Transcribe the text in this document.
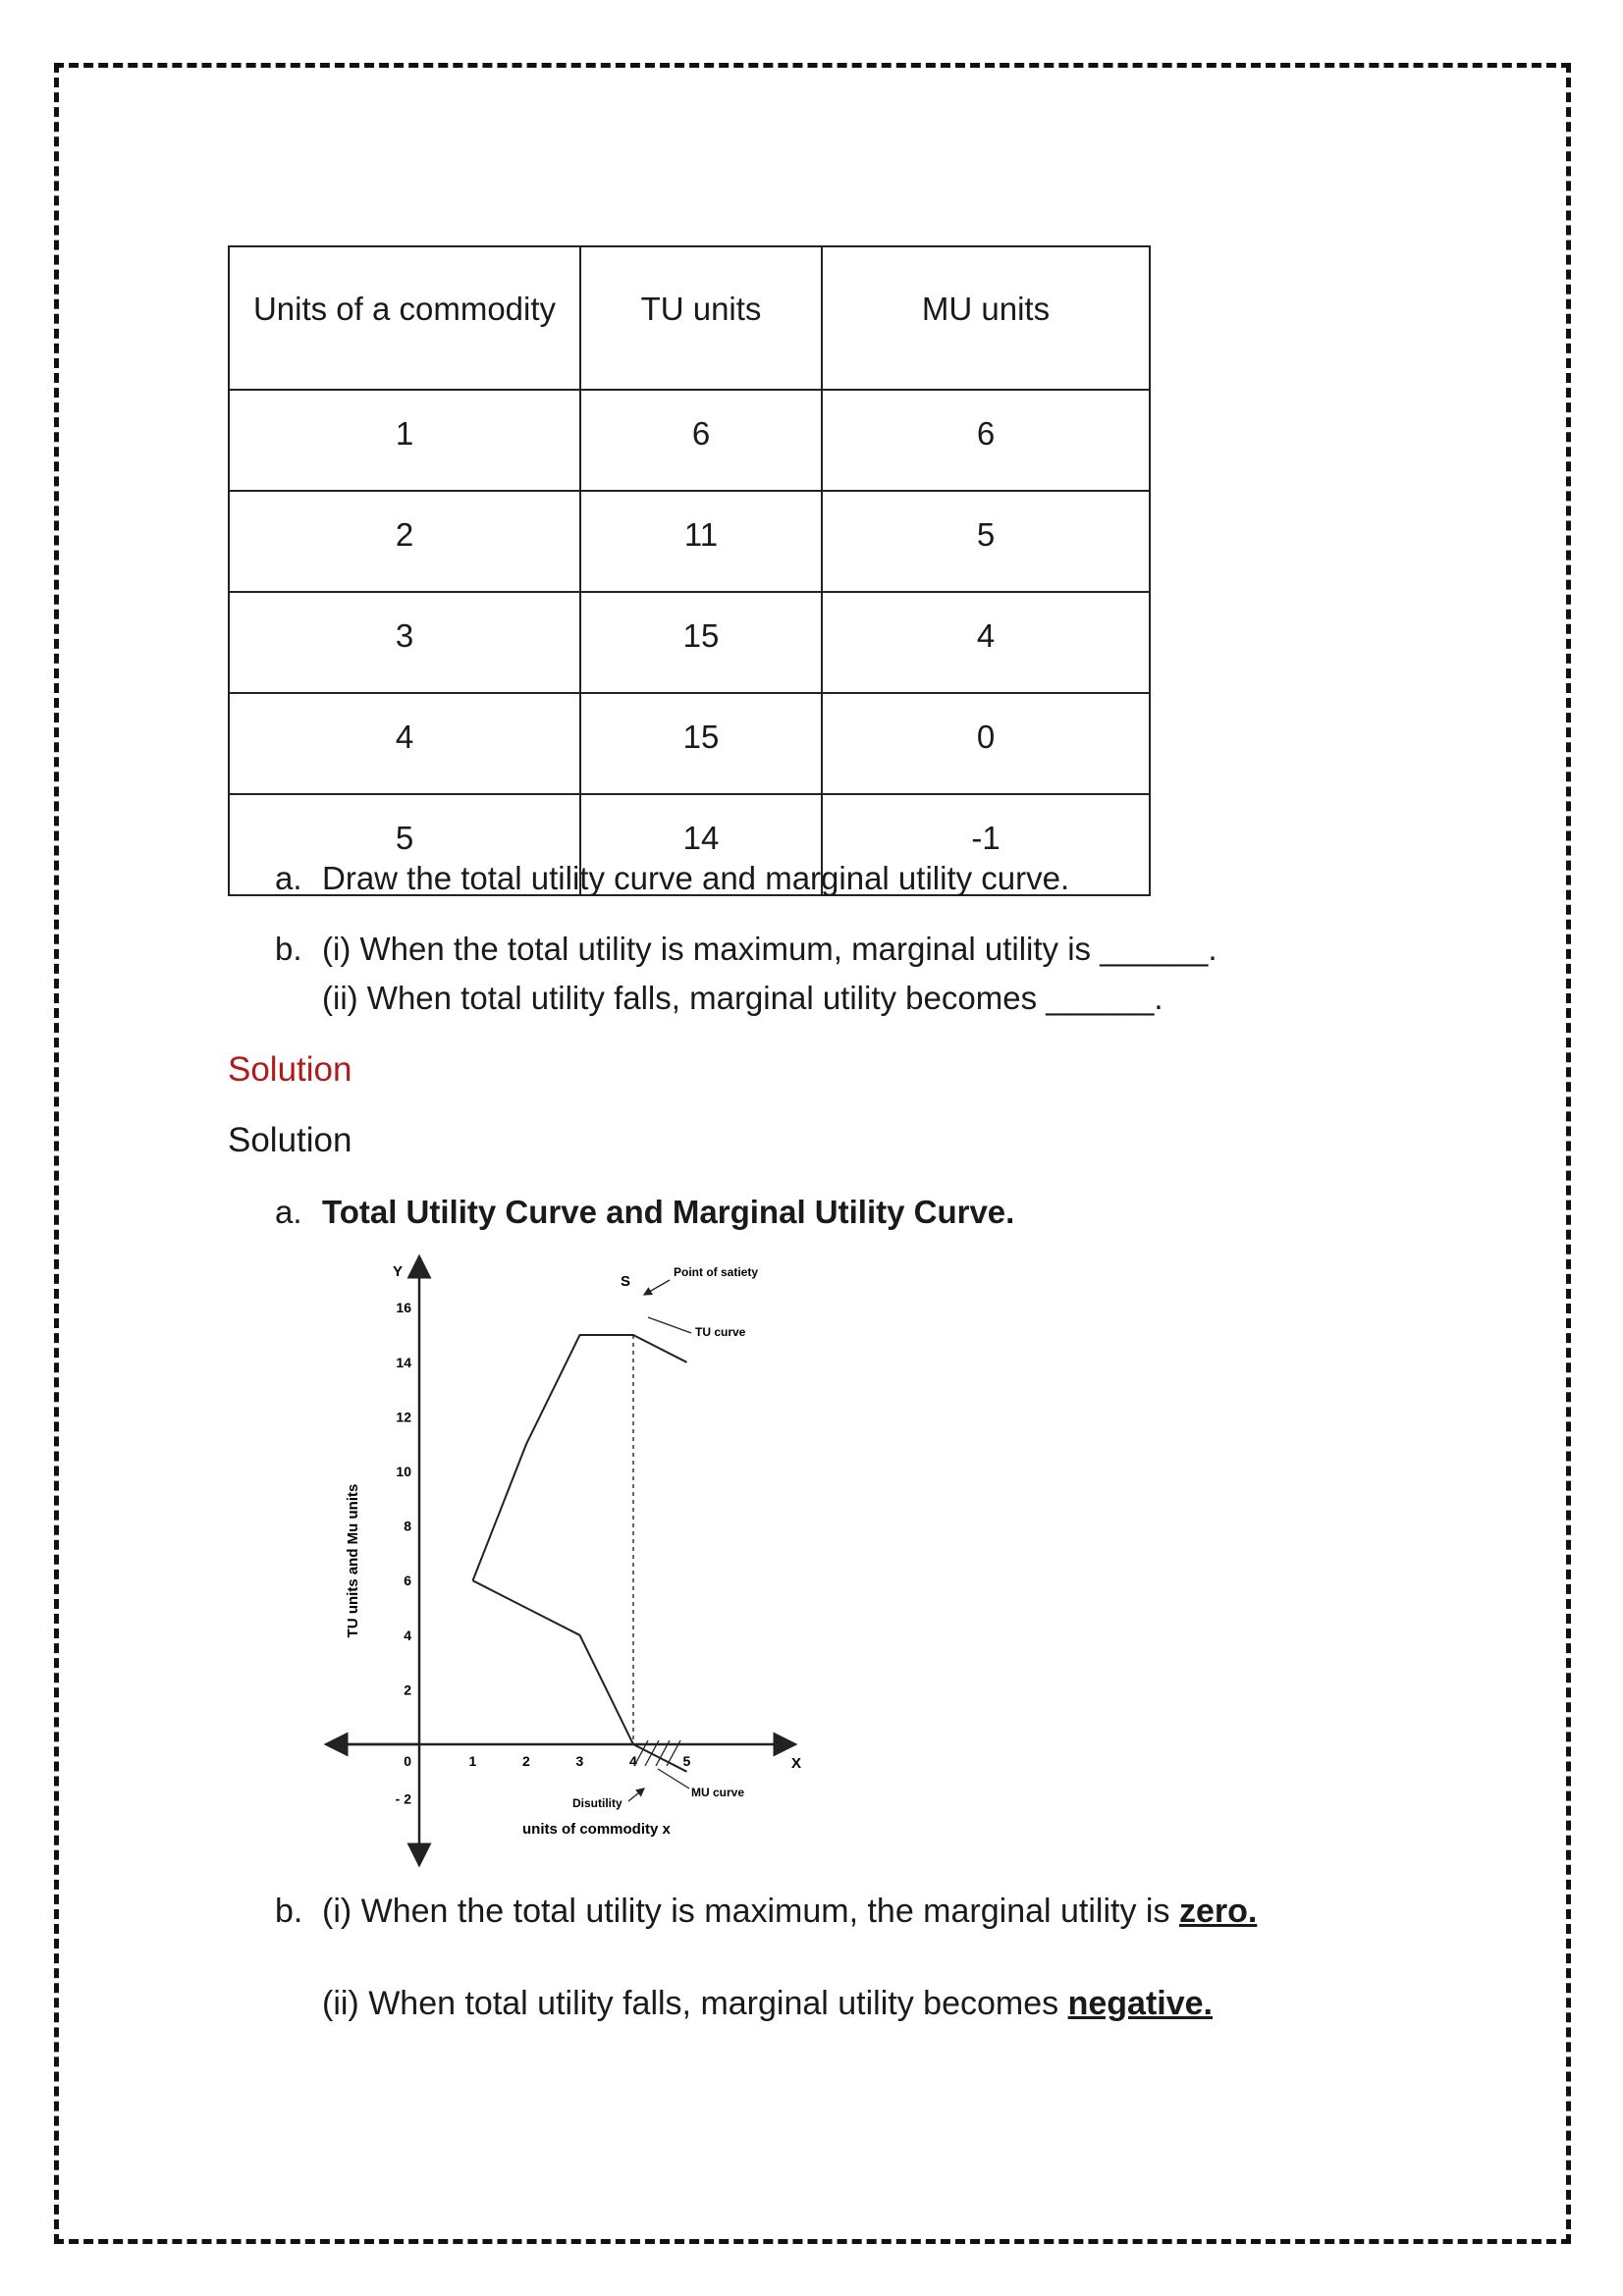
Units of a commodity	TU units	MU units
1	6	6
2	11	5
3	15	4
4	15	0
5	14	-1
a. Draw the total utility curve and marginal utility curve.
b. (i) When the total utility is maximum, marginal utility is ______.
(ii) When total utility falls, marginal utility becomes ______.
Solution
Solution
a. Total Utility Curve and Marginal Utility Curve.
Y
X
TU units and Mu units
units of commodity x
16
14
12
10
8
6
4
2
0
- 2
1	2	3	4	5
S
Point of satiety
TU curve
MU curve
Disutility
b. (i) When the total utility is maximum, the marginal utility is zero.
(ii) When total utility falls, marginal utility becomes negative.
